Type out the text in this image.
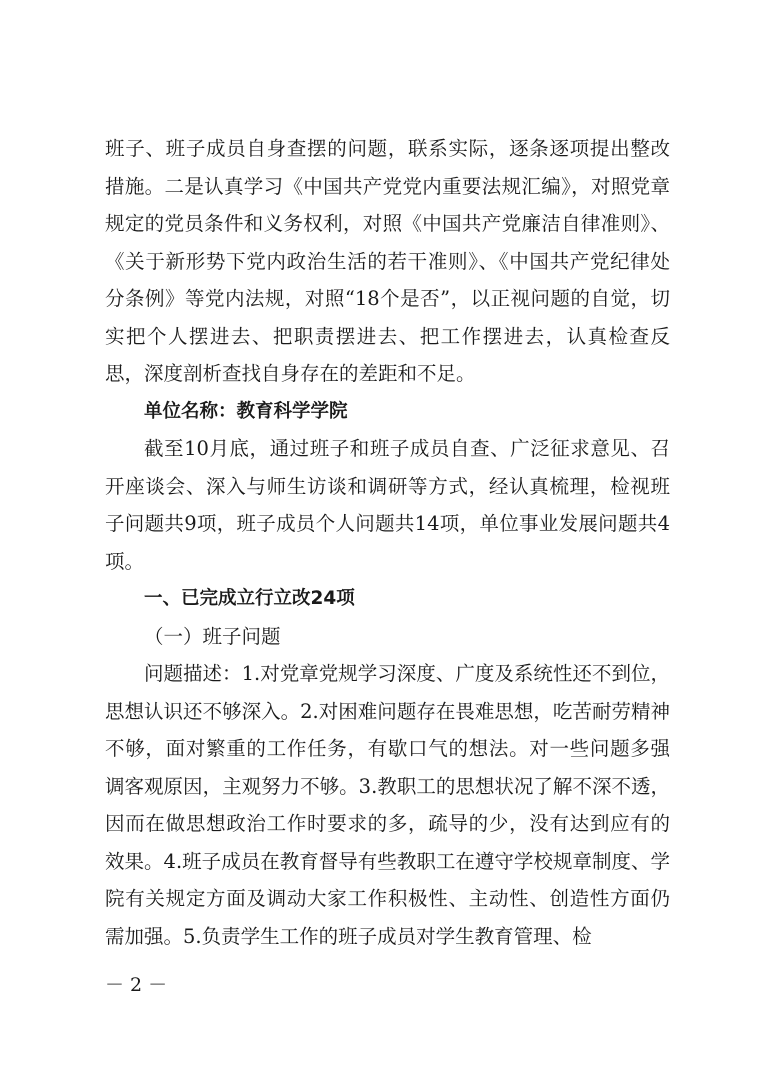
班子、班子成员自身查摆的问题，联系实际，逐条逐项提出整改措施。二是认真学习《中国共产党党内重要法规汇编》，对照党章规定的党员条件和义务权利，对照《中国共产党廉洁自律准则》、《关于新形势下党内政治生活的若干准则》、《中国共产党纪律处分条例》等党内法规，对照“18个是否”，以正视问题的自觉，切实把个人摆进去、把职责摆进去、把工作摆进去，认真检查反思，深度剖析查找自身存在的差距和不足。

单位名称：教育科学学院

截至10月底，通过班子和班子成员自查、广泛征求意见、召开座谈会、深入与师生访谈和调研等方式，经认真梳理，检视班子问题共9项，班子成员个人问题共14项，单位事业发展问题共4项。

一、已完成立行立改24项

（一）班子问题

问题描述：1.对党章党规学习深度、广度及系统性还不到位，思想认识还不够深入。2.对困难问题存在畏难思想，吃苦耐劳精神不够，面对繁重的工作任务，有歇口气的想法。对一些问题多强调客观原因，主观努力不够。3.教职工的思想状况了解不深不透，因而在做思想政治工作时要求的多，疏导的少，没有达到应有的效果。4.班子成员在教育督导有些教职工在遵守学校规章制度、学院有关规定方面及调动大家工作积极性、主动性、创造性方面仍需加强。5.负责学生工作的班子成员对学生教育管理、检

－ 2 －
